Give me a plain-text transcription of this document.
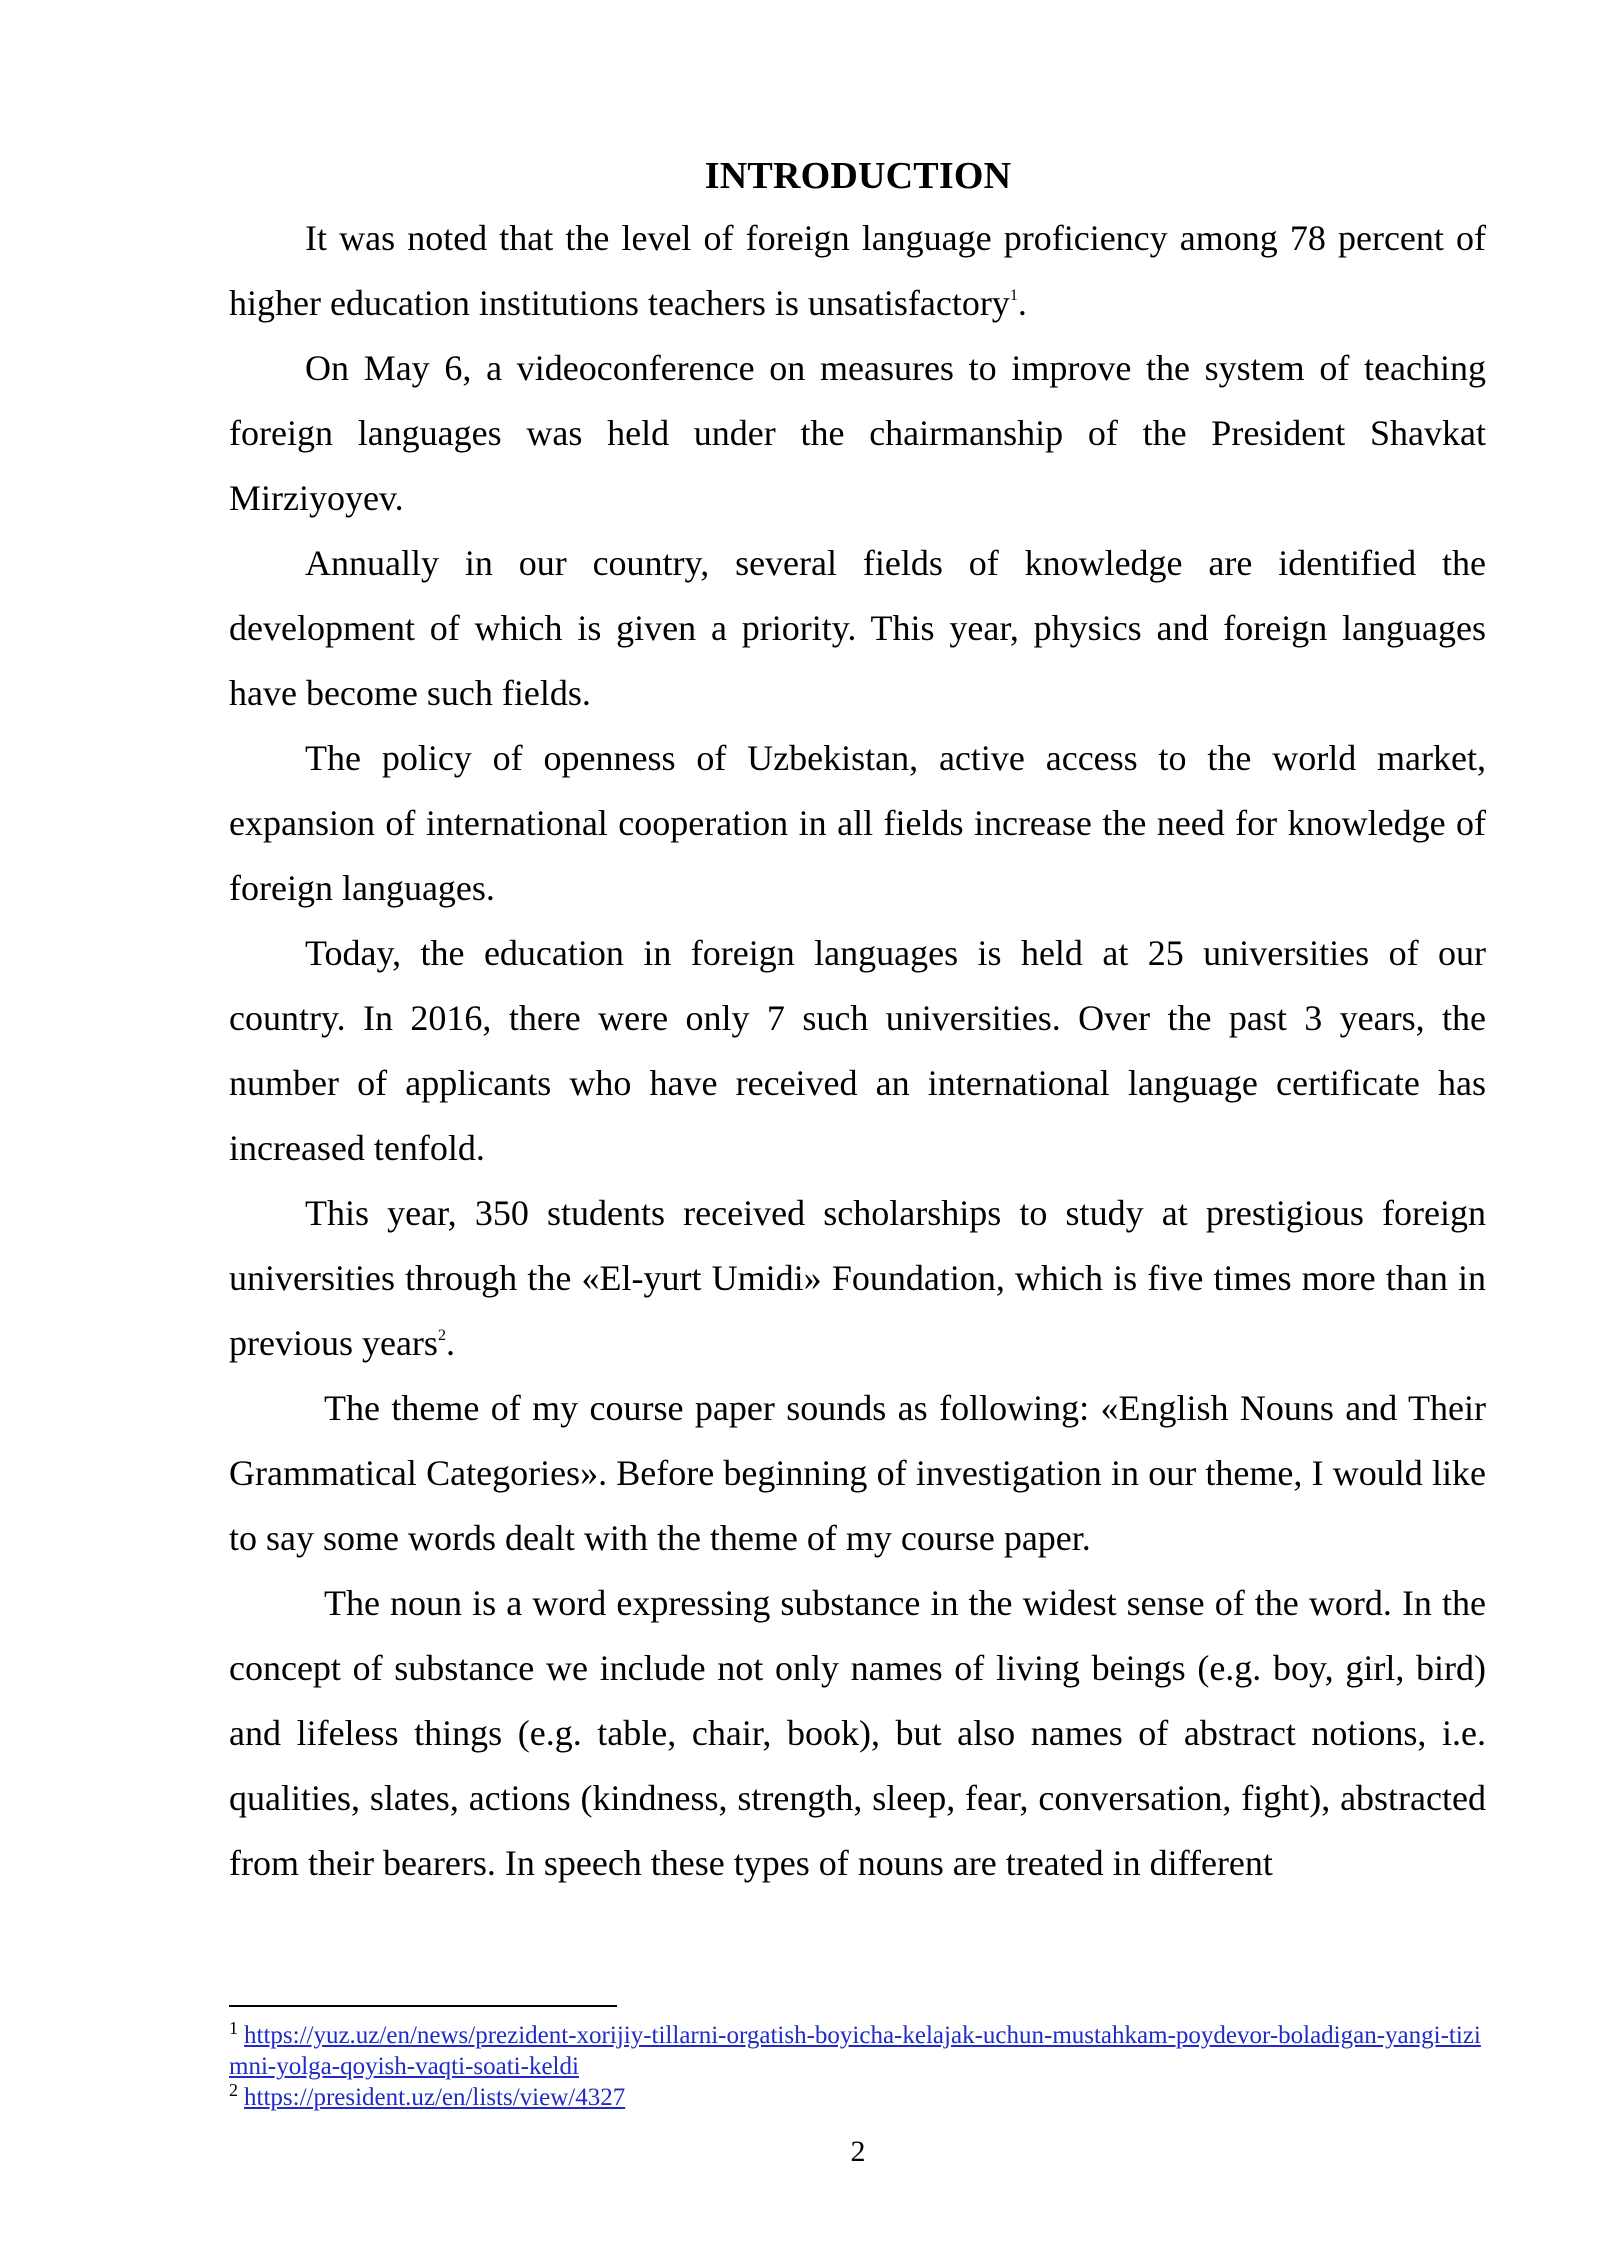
INTRODUCTION

It was noted that the level of foreign language proficiency among 78 percent of higher education institutions teachers is unsatisfactory$^1$.

On May 6, a videoconference on measures to improve the system of teaching foreign languages was held under the chairmanship of the President Shavkat Mirziyoyev.

Annually in our country, several fields of knowledge are identified the development of which is given a priority. This year, physics and foreign languages have become such fields.

The policy of openness of Uzbekistan, active access to the world market, expansion of international cooperation in all fields increase the need for knowledge of foreign languages.

Today, the education in foreign languages is held at 25 universities of our country. In 2016, there were only 7 such universities. Over the past 3 years, the number of applicants who have received an international language certificate has increased tenfold.

This year, 350 students received scholarships to study at prestigious foreign universities through the «El-yurt Umidi» Foundation, which is five times more than in previous years$^2$.

The theme of my course paper sounds as following: «English Nouns and Their Grammatical Categories». Before beginning of investigation in our theme, I would like to say some words dealt with the theme of my course paper.

The noun is a word expressing substance in the widest sense of the word. In the concept of substance we include not only names of living beings (e.g. boy, girl, bird) and lifeless things (e.g. table, chair, book), but also names of abstract notions, i.e. qualities, slates, actions (kindness, strength, sleep, fear, conversation, fight), abstracted from their bearers. In speech these types of nouns are treated in different

$^1$ https://yuz.uz/en/news/prezident-xorijiy-tillarni-orgatish-boyicha-kelajak-uchun-mustahkam-poydevor-boladigan-yangi-tizimni-yolga-qoyish-vaqti-soati-keldi

$^2$ https://president.uz/en/lists/view/4327

2
